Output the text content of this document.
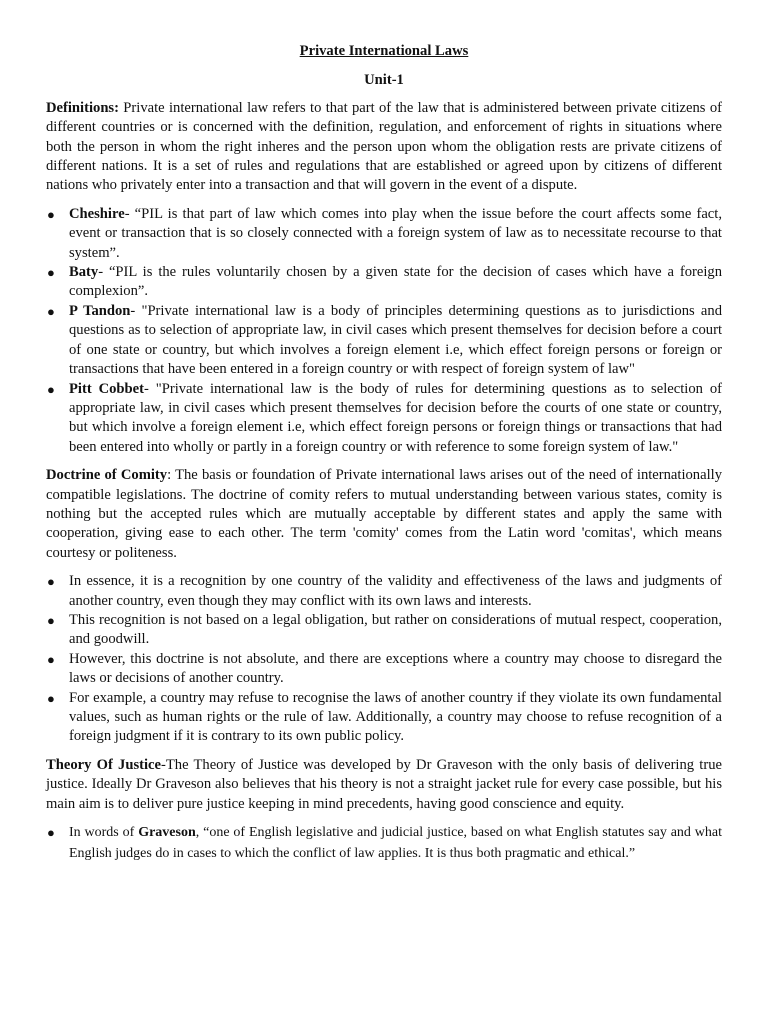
Private International Laws
Unit-1

Definitions: Private international law refers to that part of the law that is administered between private citizens of different countries or is concerned with the definition, regulation, and enforcement of rights in situations where both the person in whom the right inheres and the person upon whom the obligation rests are private citizens of different nations. It is a set of rules and regulations that are established or agreed upon by citizens of different nations who privately enter into a transaction and that will govern in the event of a dispute.

● Cheshire- “PIL is that part of law which comes into play when the issue before the court affects some fact, event or transaction that is so closely connected with a foreign system of law as to necessitate recourse to that system”.
● Baty- “PIL is the rules voluntarily chosen by a given state for the decision of cases which have a foreign complexion”.
● P Tandon- "Private international law is a body of principles determining questions as to jurisdictions and questions as to selection of appropriate law, in civil cases which present themselves for decision before a court of one state or country, but which involves a foreign element i.e, which effect foreign persons or foreign or transactions that have been entered in a foreign country or with respect of foreign system of law"
● Pitt Cobbet- "Private international law is the body of rules for determining questions as to selection of appropriate law, in civil cases which present themselves for decision before the courts of one state or country, but which involve a foreign element i.e, which effect foreign persons or foreign things or transactions that had been entered into wholly or partly in a foreign country or with reference to some foreign system of law."

Doctrine of Comity: The basis or foundation of Private international laws arises out of the need of internationally compatible legislations. The doctrine of comity refers to mutual understanding between various states, comity is nothing but the accepted rules which are mutually acceptable by different states and apply the same with cooperation, giving ease to each other. The term 'comity' comes from the Latin word 'comitas', which means courtesy or politeness.

● In essence, it is a recognition by one country of the validity and effectiveness of the laws and judgments of another country, even though they may conflict with its own laws and interests.
● This recognition is not based on a legal obligation, but rather on considerations of mutual respect, cooperation, and goodwill.
● However, this doctrine is not absolute, and there are exceptions where a country may choose to disregard the laws or decisions of another country.
● For example, a country may refuse to recognise the laws of another country if they violate its own fundamental values, such as human rights or the rule of law. Additionally, a country may choose to refuse recognition of a foreign judgment if it is contrary to its own public policy.

Theory Of Justice-The Theory of Justice was developed by Dr Graveson with the only basis of delivering true justice. Ideally Dr Graveson also believes that his theory is not a straight jacket rule for every case possible, but his main aim is to deliver pure justice keeping in mind precedents, having good conscience and equity.

● In words of Graveson, “one of English legislative and judicial justice, based on what English statutes say and what English judges do in cases to which the conflict of law applies. It is thus both pragmatic and ethical.”
